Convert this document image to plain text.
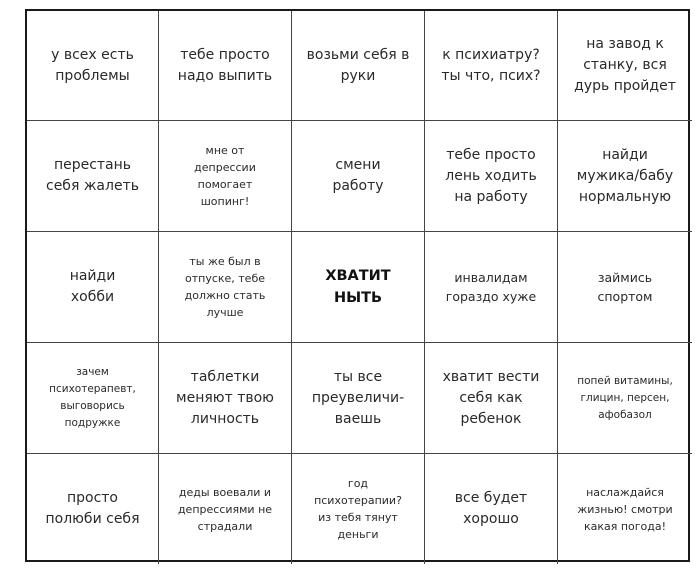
у всех есть
проблемы
тебе просто
надо выпить
возьми себя в
руки
к психиатру?
ты что, псих?
на завод к
станку, вся
дурь пройдет
перестань
себя жалеть
мне от
депрессии
помогает
шопинг!
смени
работу
тебе просто
лень ходить
на работу
найди
мужика/бабу
нормальную
найди
хобби
ты же был в
отпуске, тебе
должно стать
лучше
ХВАТИТ
НЫТЬ
инвалидам
гораздо хуже
займись
спортом
зачем
психотерапевт,
выговорись
подружке
таблетки
меняют твою
личность
ты все
преувеличи-
ваешь
хватит вести
себя как
ребенок
попей витамины,
глицин, персен,
афобазол
просто
полюби себя
деды воевали и
депрессиями не
страдали
год
психотерапии?
из тебя тянут
деньги
все будет
хорошо
наслаждайся
жизнью! смотри
какая погода!
